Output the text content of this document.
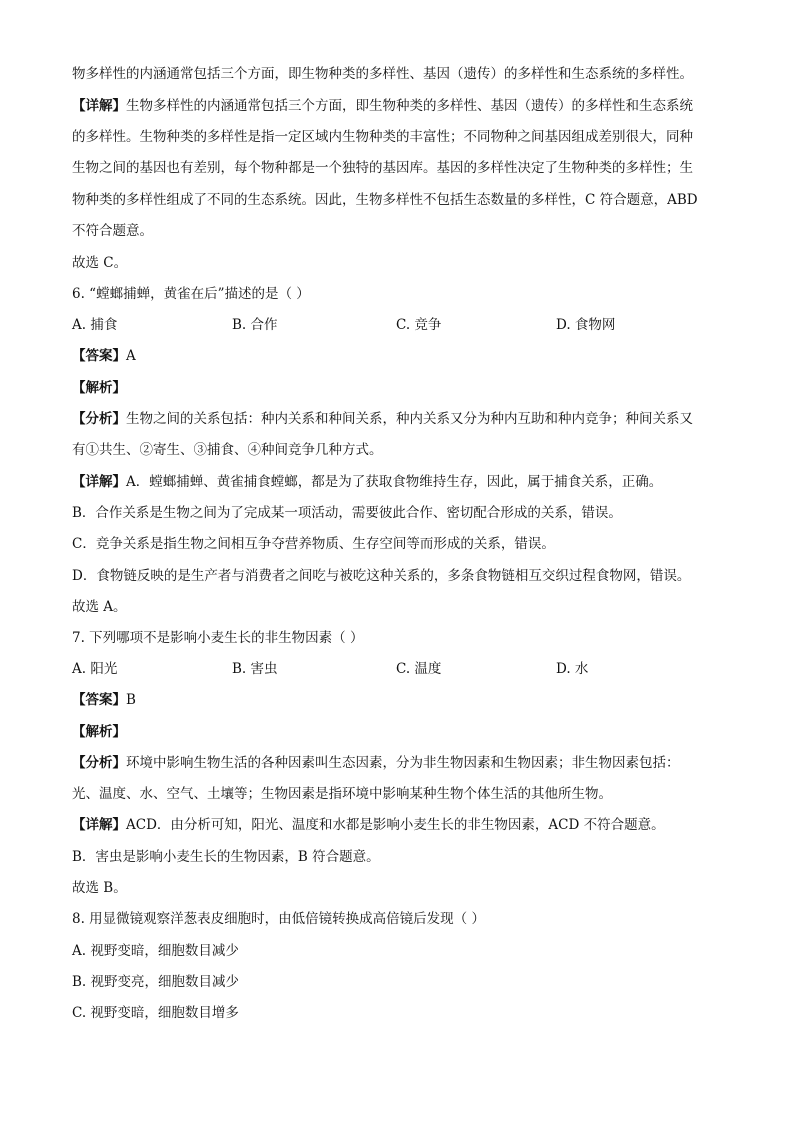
物多样性的内涵通常包括三个方面，即生物种类的多样性、基因（遗传）的多样性和生态系统的多样性。
【详解】生物多样性的内涵通常包括三个方面，即生物种类的多样性、基因（遗传）的多样性和生态系统
的多样性。生物种类的多样性是指一定区域内生物种类的丰富性；不同物种之间基因组成差别很大，同种
生物之间的基因也有差别，每个物种都是一个独特的基因库。基因的多样性决定了生物种类的多样性；生
物种类的多样性组成了不同的生态系统。因此，生物多样性不包括生态数量的多样性，C 符合题意，ABD
不符合题意。
故选 C。
6. “螳螂捕蝉，黄雀在后”描述的是（ ）
A. 捕食	B. 合作	C. 竞争	D. 食物网
【答案】A
【解析】
【分析】生物之间的关系包括：种内关系和种间关系，种内关系又分为种内互助和种内竞争；种间关系又
有①共生、②寄生、③捕食、④种间竞争几种方式。
【详解】A．螳螂捕蝉、黄雀捕食螳螂，都是为了获取食物维持生存，因此，属于捕食关系，正确。
B．合作关系是生物之间为了完成某一项活动，需要彼此合作、密切配合形成的关系，错误。
C．竞争关系是指生物之间相互争夺营养物质、生存空间等而形成的关系，错误。
D．食物链反映的是生产者与消费者之间吃与被吃这种关系的，多条食物链相互交织过程食物网，错误。
故选 A。
7. 下列哪项不是影响小麦生长的非生物因素（ ）
A. 阳光	B. 害虫	C. 温度	D. 水
【答案】B
【解析】
【分析】环境中影响生物生活的各种因素叫生态因素，分为非生物因素和生物因素；非生物因素包括：
光、温度、水、空气、土壤等；生物因素是指环境中影响某种生物个体生活的其他所生物。
【详解】ACD．由分析可知，阳光、温度和水都是影响小麦生长的非生物因素，ACD 不符合题意。
B．害虫是影响小麦生长的生物因素，B 符合题意。
故选 B。
8. 用显微镜观察洋葱表皮细胞时，由低倍镜转换成高倍镜后发现（ ）
A. 视野变暗，细胞数目减少
B. 视野变亮，细胞数目减少
C. 视野变暗，细胞数目增多
